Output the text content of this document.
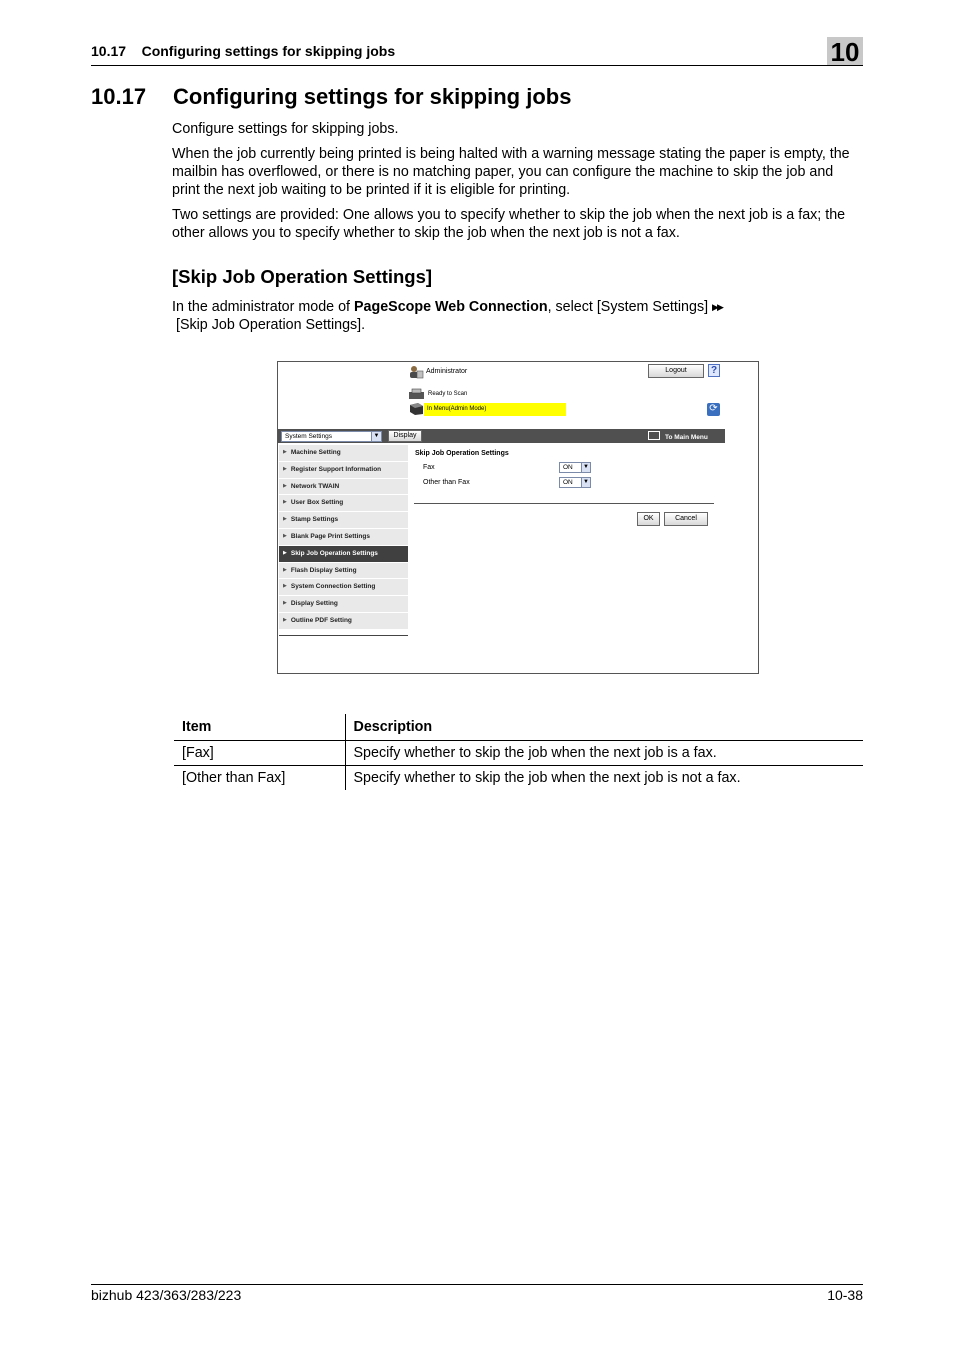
10.17    Configuring settings for skipping jobs	10
10.17 Configuring settings for skipping jobs

Configure settings for skipping jobs.

When the job currently being printed is being halted with a warning message stating the paper is empty, the mailbin has overflowed, or there is no matching paper, you can configure the machine to skip the job and print the next job waiting to be printed if it is eligible for printing.

Two settings are provided: One allows you to specify whether to skip the job when the next job is a fax; the other allows you to specify whether to skip the job when the next job is not a fax.

[Skip Job Operation Settings]

In the administrator mode of PageScope Web Connection, select [System Settings] ▶▶ [Skip Job Operation Settings].

Administrator	Logout	?
Ready to Scan
In Menu(Admin Mode)	⟳
System Settings	▼	Display	To Main Menu
▶ Machine Setting
▶ Register Support Information
▶ Network TWAIN
▶ User Box Setting
▶ Stamp Settings
▶ Blank Page Print Settings
▶ Skip Job Operation Settings
▶ Flash Display Setting
▶ System Connection Setting
▶ Display Setting
▶ Outline PDF Setting
Skip Job Operation Settings
Fax	ON	▼
Other than Fax	ON	▼
OK	Cancel
Item	Description
[Fax]	Specify whether to skip the job when the next job is a fax.
[Other than Fax]	Specify whether to skip the job when the next job is not a fax.
bizhub 423/363/283/223	10-38
